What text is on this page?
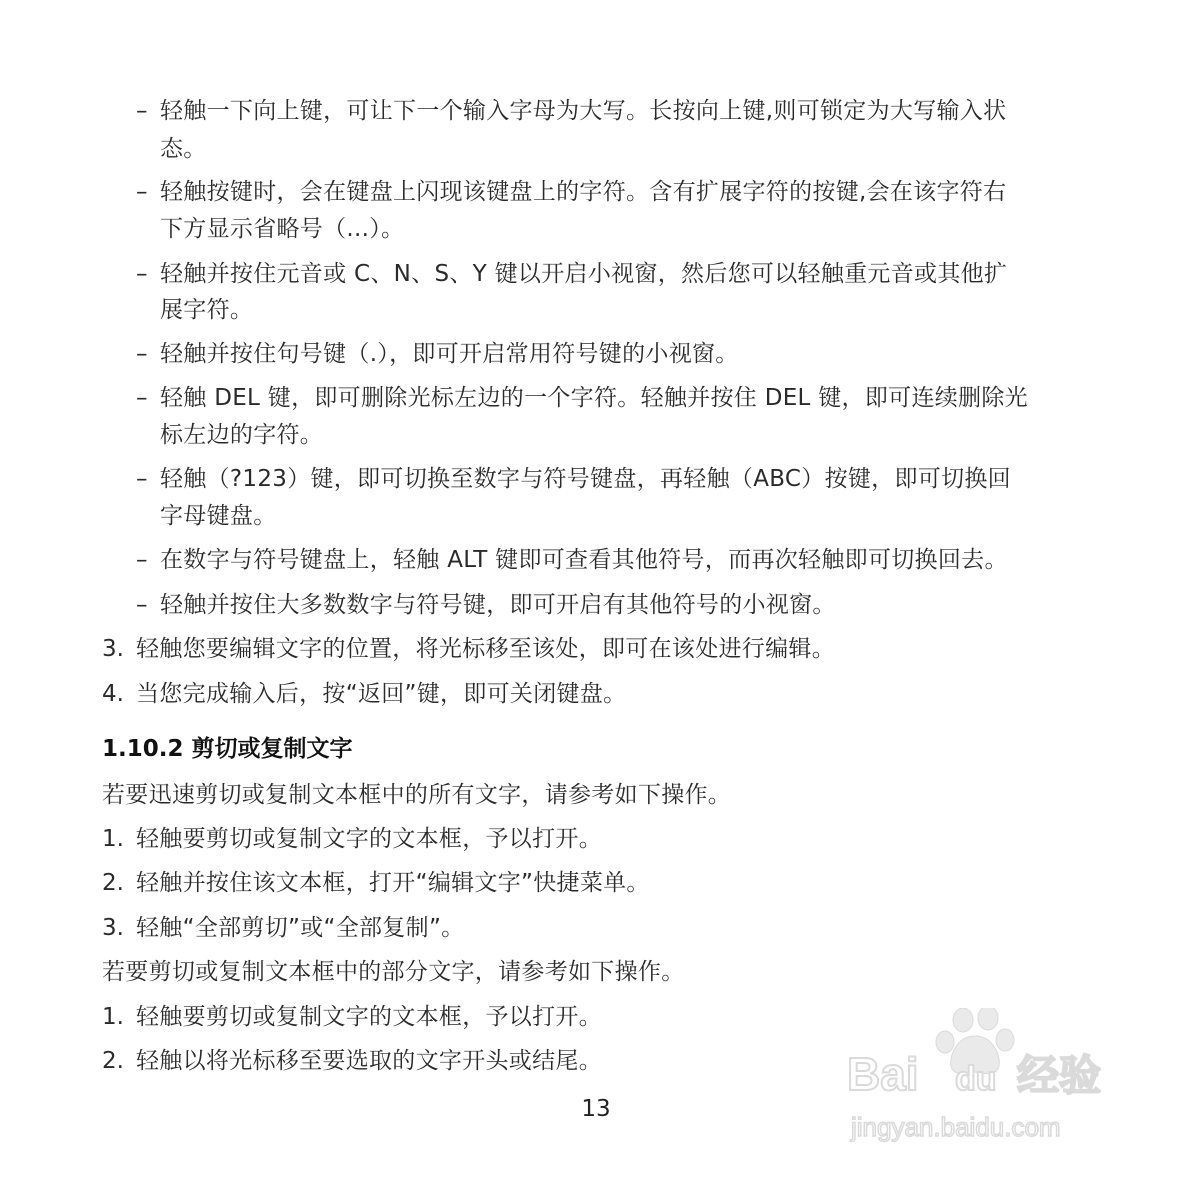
– 轻触一下向上键，可让下一个输入字母为大写。长按向上键,则可锁定为大写输入状
态。
– 轻触按键时，会在键盘上闪现该键盘上的字符。含有扩展字符的按键,会在该字符右
下方显示省略号（...）。
– 轻触并按住元音或 C、N、S、Y 键以开启小视窗，然后您可以轻触重元音或其他扩
展字符。
– 轻触并按住句号键（.），即可开启常用符号键的小视窗。
– 轻触 DEL 键，即可删除光标左边的一个字符。轻触并按住 DEL 键，即可连续删除光
标左边的字符。
– 轻触（?123）键，即可切换至数字与符号键盘，再轻触（ABC）按键，即可切换回
字母键盘。
– 在数字与符号键盘上，轻触 ALT 键即可查看其他符号，而再次轻触即可切换回去。
– 轻触并按住大多数数字与符号键，即可开启有其他符号的小视窗。
3. 轻触您要编辑文字的位置，将光标移至该处，即可在该处进行编辑。
4. 当您完成输入后，按“返回”键，即可关闭键盘。
1.10.2 剪切或复制文字
若要迅速剪切或复制文本框中的所有文字，请参考如下操作。
1. 轻触要剪切或复制文字的文本框，予以打开。
2. 轻触并按住该文本框，打开“编辑文字”快捷菜单。
3. 轻触“全部剪切”或“全部复制”。
若要剪切或复制文本框中的部分文字，请参考如下操作。
1. 轻触要剪切或复制文字的文本框，予以打开。
2. 轻触以将光标移至要选取的文字开头或结尾。
13
Bai du 经验
jingyan.baidu.com
